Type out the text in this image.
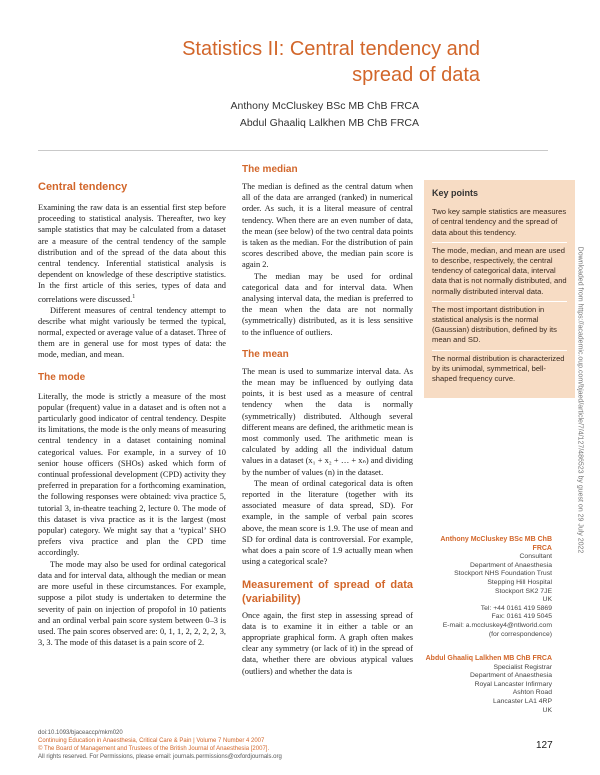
Statistics II: Central tendency and
spread of data
Anthony McCluskey BSc MB ChB FRCA
Abdul Ghaaliq Lalkhen MB ChB FRCA
Central tendency

Examining the raw data is an essential first step before proceeding to statistical analysis. Thereafter, two key sample statistics that may be calculated from a dataset are a measure of the central tendency of the sample distribution and of the spread of the data about this central tendency. Inferential statistical analysis is dependent on knowledge of these descriptive statistics. In the first article of this series, types of data and correlations were discussed.$^1$

Different measures of central tendency attempt to describe what might variously be termed the typical, normal, expected or average value of a dataset. Three of them are in general use for most types of data: the mode, median, and mean.

The mode

Literally, the mode is strictly a measure of the most popular (frequent) value in a dataset and is often not a particularly good indicator of central tendency. Despite its limitations, the mode is the only means of measuring central tendency in a dataset containing nominal categorical values. For example, in a survey of 10 senior house officers (SHOs) asked which form of continual professional development (CPD) activity they preferred in preparation for a forthcoming examination, the following responses were obtained: viva practice 5, tutorial 3, in-theatre teaching 2, lecture 0. The mode of this dataset is viva practice as it is the largest (most popular) category. We might say that a ‘typical’ SHO prefers viva practice and plan the CPD time accordingly.

The mode may also be used for ordinal categorical data and for interval data, although the median or mean are more useful in these circumstances. For example, suppose a pilot study is undertaken to determine the severity of pain on injection of propofol in 10 patients and an ordinal verbal pain score system between 0–3 is used. The pain scores observed are: 0, 1, 1, 2, 2, 2, 2, 3, 3, 3. The mode of this dataset is a pain score of 2.

The median

The median is defined as the central datum when all of the data are arranged (ranked) in numerical order. As such, it is a literal measure of central tendency. When there are an even number of data, the mean (see below) of the two central data points is taken as the median. For the distribution of pain scores described above, the median pain score is again 2.

The median may be used for ordinal categorical data and for interval data. When analysing interval data, the median is preferred to the mean when the data are not normally (symmetrically) distributed, as it is less sensitive to the influence of outliers.

The mean

The mean is used to summarize interval data. As the mean may be influenced by outlying data points, it is best used as a measure of central tendency when the data is normally (symmetrically) distributed. Although several different means are defined, the arithmetic mean is most commonly used. The arithmetic mean is calculated by adding all the individual datum values in a dataset (x₁ + x₂ + … + xₙ) and dividing by the number of values (n) in the dataset.

The mean of ordinal categorical data is often reported in the literature (together with its associated measure of data spread, SD). For example, in the sample of verbal pain scores above, the mean score is 1.9. The use of mean and SD for ordinal data is controversial. For example, what does a pain score of 1.9 actually mean when using a categorical scale?

Measurement of spread of data (variability)

Once again, the first step in assessing spread of data is to examine it in either a table or an appropriate graphical form. A graph often makes clear any symmetry (or lack of it) in the spread of data, whether there are obvious atypical values (outliers) and whether the data is

Key points
Two key sample statistics are measures of central tendency and the spread of data about this tendency.
The mode, median, and mean are used to describe, respectively, the central tendency of categorical data, interval data that is not normally distributed, and normally distributed interval data.
The most important distribution in statistical analysis is the normal (Gaussian) distribution, defined by its mean and SD.
The normal distribution is characterized by its unimodal, symmetrical, bell-shaped frequency curve.
Anthony McCluskey BSc MB ChB FRCA
Consultant
Department of Anaesthesia
Stockport NHS Foundation Trust
Stepping Hill Hospital
Stockport SK2 7JE
UK
Tel: +44 0161 419 5869
Fax: 0161 419 5045
E-mail: a.mccluskey4@ntlworld.com
(for correspondence)
Abdul Ghaaliq Lalkhen MB ChB FRCA
Specialist Registrar
Department of Anaesthesia
Royal Lancaster Infirmary
Ashton Road
Lancaster LA1 4RP
UK
doi:10.1093/bjaceaccp/mkm020
Continuing Education in Anaesthesia, Critical Care & Pain | Volume 7 Number 4 2007
© The Board of Management and Trustees of the British Journal of Anaesthesia [2007].
All rights reserved. For Permissions, please email: journals.permissions@oxfordjournals.org
127
Downloaded from https://academic.oup.com/bjaed/article/7/4/127/486523 by guest on 29 July 2022
